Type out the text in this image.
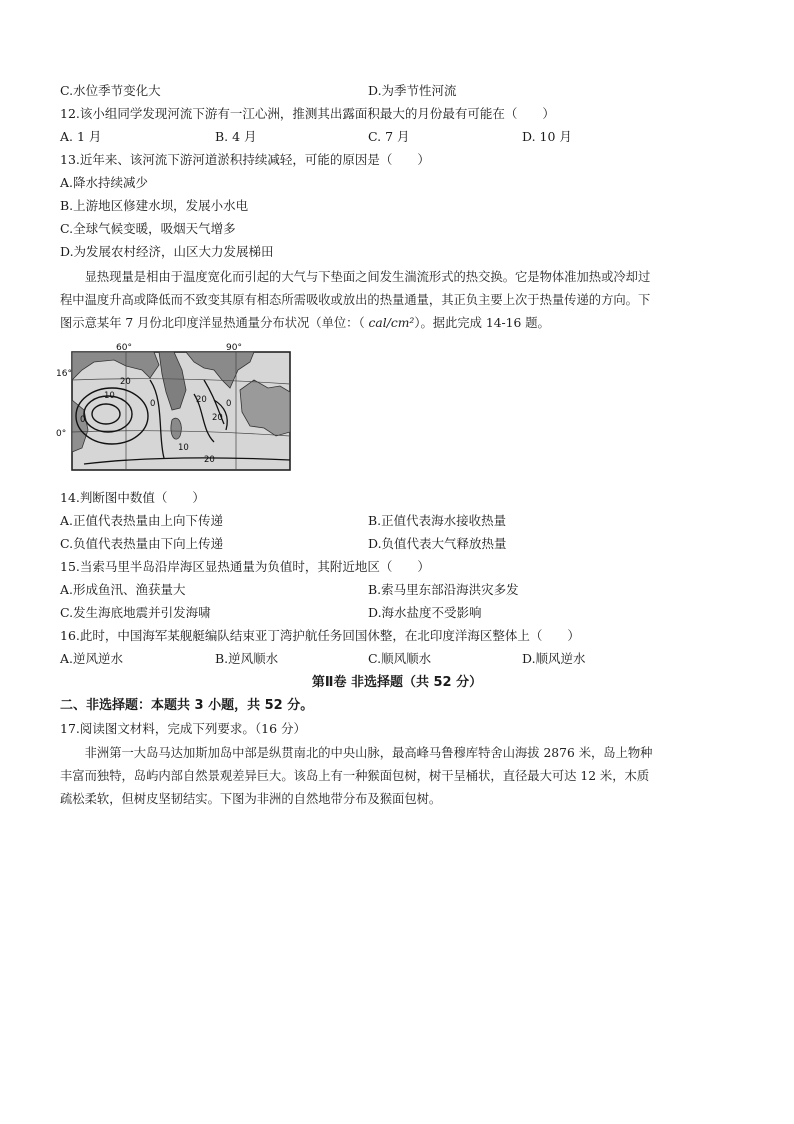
C.水位季节变化大	D.为季节性河流
12.该小组同学发现河流下游有一江心洲，推测其出露面积最大的月份最有可能在（　　）
A. 1 月	B. 4 月	C. 7 月	D. 10 月
13.近年来、该河流下游河道淤积持续减轻，可能的原因是（　　）
A.降水持续减少
B.上游地区修建水坝，发展小水电
C.全球气候变暖，吸烟天气增多
D.为发展农村经济，山区大力发展梯田

显热现量是相由于温度宽化而引起的大气与下垫面之间发生湍流形式的热交换。它是物体准加热或冷却过

程中温度升高或降低而不致变其原有相态所需吸收或放出的热量通量，其正负主要上次于热量传递的方向。下

图示意某年 7 月份北印度洋显热通量分布状况（单位：（ cal/cm²）。据此完成 14-16 题。

60°	90°
16°
0°
10
20
0	20
20
0
10
20
0
14.判断图中数值（　　）
A.正值代表热量由上向下传递	B.正值代表海水接收热量
C.负值代表热量由下向上传递	D.负值代表大气释放热量
15.当索马里半岛沿岸海区显热通量为负值时，其附近地区（　　）
A.形成鱼汛、渔获量大	B.索马里东部沿海洪灾多发
C.发生海底地震并引发海啸	D.海水盐度不受影响
16.此时，中国海军某舰艇编队结束亚丁湾护航任务回国休整，在北印度洋海区整体上（　　）
A.逆风逆水	B.逆风顺水	C.顺风顺水	D.顺风逆水
第Ⅱ卷 非选择题（共 52 分）
二、非选择题：本题共 3 小题，共 52 分。
17.阅读图文材料，完成下列要求。（16 分）

非洲第一大岛马达加斯加岛中部是纵贯南北的中央山脉，最高峰马鲁穆库特舍山海拔 2876 米，岛上物种

丰富而独特，岛屿内部自然景观差异巨大。该岛上有一种猴面包树，树干呈桶状，直径最大可达 12 米，木质

疏松柔软，但树皮坚韧结实。下图为非洲的自然地带分布及猴面包树。
